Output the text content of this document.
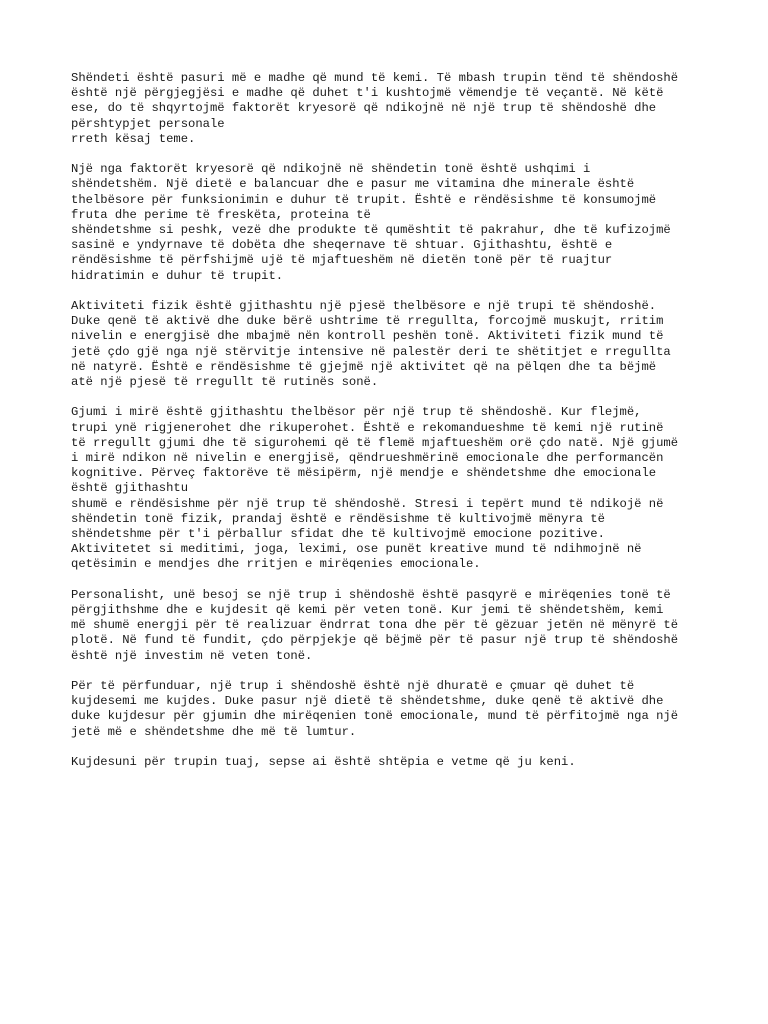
Shëndeti është pasuri më e madhe që mund të kemi. Të mbash trupin tënd të shëndoshë
është një përgjegjësi e madhe që duhet t'i kushtojmë vëmendje të veçantë. Në këtë
ese, do të shqyrtojmë faktorët kryesorë që ndikojnë në një trup të shëndoshë dhe
përshtypjet personale
rreth kësaj teme.
Një nga faktorët kryesorë që ndikojnë në shëndetin tonë është ushqimi i
shëndetshëm. Një dietë e balancuar dhe e pasur me vitamina dhe minerale është
thelbësore për funksionimin e duhur të trupit. Është e rëndësishme të konsumojmë
fruta dhe perime të freskëta, proteina të
shëndetshme si peshk, vezë dhe produkte të qumështit të pakrahur, dhe të kufizojmë
sasinë e yndyrnave të dobëta dhe sheqernave të shtuar. Gjithashtu, është e
rëndësishme të përfshijmë ujë të mjaftueshëm në dietën tonë për të ruajtur
hidratimin e duhur të trupit.
Aktiviteti fizik është gjithashtu një pjesë thelbësore e një trupi të shëndoshë.
Duke qenë të aktivë dhe duke bërë ushtrime të rregullta, forcojmë muskujt, rritim
nivelin e energjisë dhe mbajmë nën kontroll peshën tonë. Aktiviteti fizik mund të
jetë çdo gjë nga një stërvitje intensive në palestër deri te shëtitjet e rregullta
në natyrë. Është e rëndësishme të gjejmë një aktivitet që na pëlqen dhe ta bëjmë
atë një pjesë të rregullt të rutinës sonë.
Gjumi i mirë është gjithashtu thelbësor për një trup të shëndoshë. Kur flejmë,
trupi ynë rigjenerohet dhe rikuperohet. Është e rekomandueshme të kemi një rutinë
të rregullt gjumi dhe të sigurohemi që të flemë mjaftueshëm orë çdo natë. Një gjumë
i mirë ndikon në nivelin e energjisë, qëndrueshmërinë emocionale dhe performancën
kognitive. Përveç faktorëve të mësipërm, një mendje e shëndetshme dhe emocionale
është gjithashtu
shumë e rëndësishme për një trup të shëndoshë. Stresi i tepërt mund të ndikojë në
shëndetin tonë fizik, prandaj është e rëndësishme të kultivojmë mënyra të
shëndetshme për t'i përballur sfidat dhe të kultivojmë emocione pozitive.
Aktivitetet si meditimi, joga, leximi, ose punët kreative mund të ndihmojnë në
qetësimin e mendjes dhe rritjen e mirëqenies emocionale.
Personalisht, unë besoj se një trup i shëndoshë është pasqyrë e mirëqenies tonë të
përgjithshme dhe e kujdesit që kemi për veten tonë. Kur jemi të shëndetshëm, kemi
më shumë energji për të realizuar ëndrrat tona dhe për të gëzuar jetën në mënyrë të
plotë. Në fund të fundit, çdo përpjekje që bëjmë për të pasur një trup të shëndoshë
është një investim në veten tonë.
Për të përfunduar, një trup i shëndoshë është një dhuratë e çmuar që duhet të
kujdesemi me kujdes. Duke pasur një dietë të shëndetshme, duke qenë të aktivë dhe
duke kujdesur për gjumin dhe mirëqenien tonë emocionale, mund të përfitojmë nga një
jetë më e shëndetshme dhe më të lumtur.
Kujdesuni për trupin tuaj, sepse ai është shtëpia e vetme që ju keni.
